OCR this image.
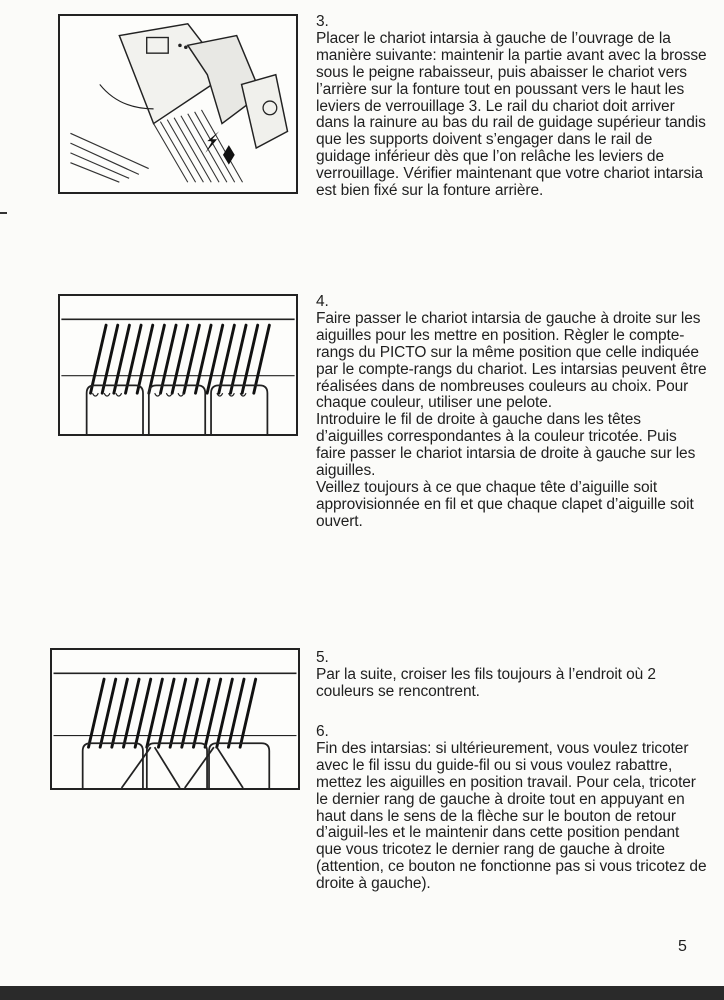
3.

Placer le chariot intarsia à gauche de l’ouvrage de la manière suivante: maintenir la partie avant avec la brosse sous le peigne rabaisseur, puis abaisser le chariot vers l’arrière sur la fonture tout en poussant vers le haut les leviers de verrouillage 3. Le rail du chariot doit arriver dans la rainure au bas du rail de guidage supérieur tandis que les supports doivent s’engager dans le rail de guidage inférieur dès que l’on relâche les leviers de verrouillage. Vérifier maintenant que votre chariot intarsia est bien fixé sur la fonture arrière.

4.

Faire passer le chariot intarsia de gauche à droite sur les aiguilles pour les mettre en position. Règler le compte-rangs du PICTO sur la même position que celle indiquée par le compte-rangs du chariot. Les intarsias peuvent être réalisées dans de nombreuses couleurs au choix. Pour chaque couleur, utiliser une pelote.

Introduire le fil de droite à gauche dans les têtes d’aiguilles correspondantes à la couleur tricotée. Puis faire passer le chariot intarsia de droite à gauche sur les aiguilles.

Veillez toujours à ce que chaque tête d’aiguille soit approvisionnée en fil et que chaque clapet d’aiguille soit ouvert.

5.

Par la suite, croiser les fils toujours à l’endroit où 2 couleurs se rencontrent.

6.

Fin des intarsias: si ultérieurement, vous voulez tricoter avec le fil issu du guide-fil ou si vous voulez rabattre, mettez les aiguilles en position travail. Pour cela, tricoter le dernier rang de gauche à droite tout en appuyant en haut dans le sens de la flèche sur le bouton de retour d’aiguil-les et le maintenir dans cette position pendant que vous tricotez le dernier rang de gauche à droite (attention, ce bouton ne fonctionne pas si vous tricotez de droite à gauche).

5
